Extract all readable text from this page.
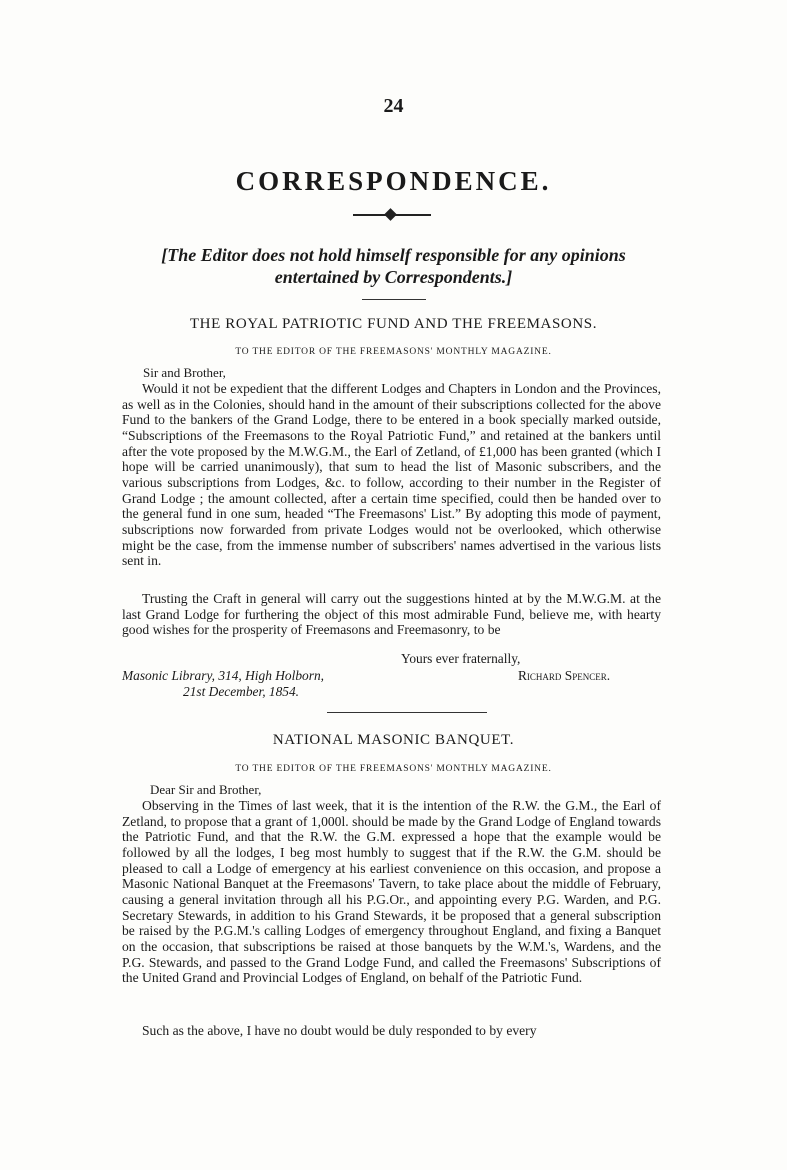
24
CORRESPONDENCE.
[The Editor does not hold himself responsible for any opinions
entertained by Correspondents.]
THE ROYAL PATRIOTIC FUND AND THE FREEMASONS.
TO THE EDITOR OF THE FREEMASONS' MONTHLY MAGAZINE.
Sir and Brother,
Would it not be expedient that the different Lodges and Chapters in London and the Provinces, as well as in the Colonies, should hand in the amount of their subscriptions collected for the above Fund to the bankers of the Grand Lodge, there to be entered in a book specially marked outside, “Subscriptions of the Freemasons to the Royal Patriotic Fund,” and retained at the bankers until after the vote proposed by the M.W.G.M., the Earl of Zetland, of £1,000 has been granted (which I hope will be carried unanimously), that sum to head the list of Masonic subscribers, and the various subscriptions from Lodges, &c. to follow, according to their number in the Register of Grand Lodge ; the amount collected, after a certain time specified, could then be handed over to the general fund in one sum, headed “The Freemasons' List.” By adopting this mode of payment, subscriptions now forwarded from private Lodges would not be overlooked, which otherwise might be the case, from the immense number of subscribers' names advertised in the various lists sent in.
Trusting the Craft in general will carry out the suggestions hinted at by the M.W.G.M. at the last Grand Lodge for furthering the object of this most admirable Fund, believe me, with hearty good wishes for the prosperity of Freemasons and Freemasonry, to be
Yours ever fraternally,
Masonic Library, 314, High Holborn,	Richard Spencer.
21st December, 1854.
NATIONAL MASONIC BANQUET.
TO THE EDITOR OF THE FREEMASONS' MONTHLY MAGAZINE.
Dear Sir and Brother,
Observing in the Times of last week, that it is the intention of the R.W. the G.M., the Earl of Zetland, to propose that a grant of 1,000l. should be made by the Grand Lodge of England towards the Patriotic Fund, and that the R.W. the G.M. expressed a hope that the example would be followed by all the lodges, I beg most humbly to suggest that if the R.W. the G.M. should be pleased to call a Lodge of emergency at his earliest convenience on this occasion, and propose a Masonic National Banquet at the Freemasons' Tavern, to take place about the middle of February, causing a general invitation through all his P.G.Or., and appointing every P.G. Warden, and P.G. Secretary Stewards, in addition to his Grand Stewards, it be proposed that a general subscription be raised by the P.G.M.'s calling Lodges of emergency throughout England, and fixing a Banquet on the occasion, that subscriptions be raised at those banquets by the W.M.'s, Wardens, and the P.G. Stewards, and passed to the Grand Lodge Fund, and called the Freemasons' Subscriptions of the United Grand and Provincial Lodges of England, on behalf of the Patriotic Fund.
Such as the above, I have no doubt would be duly responded to by every
